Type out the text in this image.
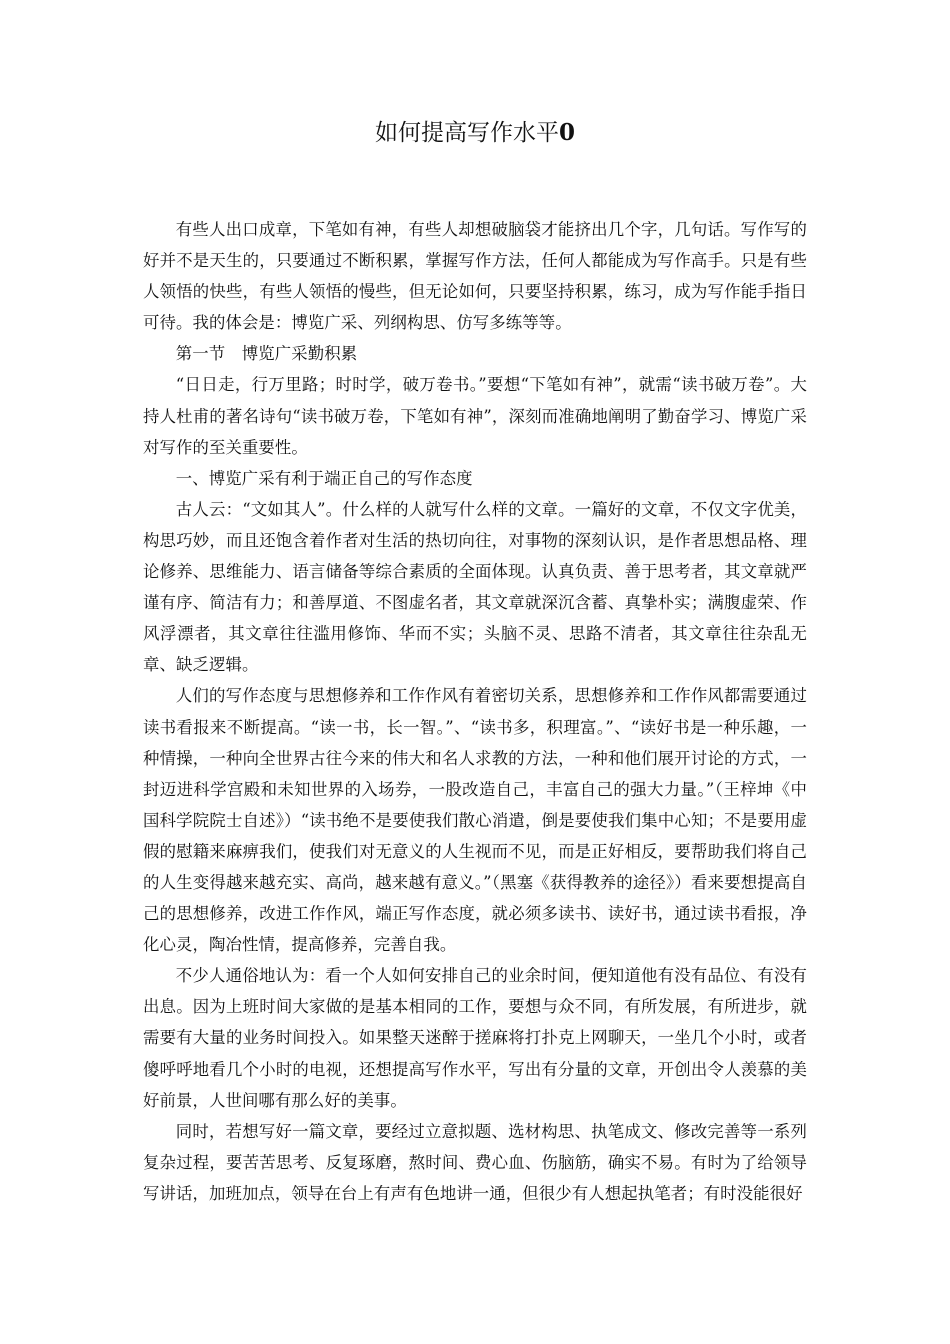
如何提高写作水平0

有些人出口成章，下笔如有神，有些人却想破脑袋才能挤出几个字，几句话。写作写的好并不是天生的，只要通过不断积累，掌握写作方法，任何人都能成为写作高手。只是有些人领悟的快些，有些人领悟的慢些，但无论如何，只要坚持积累，练习，成为写作能手指日可待。我的体会是：博览广采、列纲构思、仿写多练等等。

第一节　博览广采勤积累

“日日走，行万里路；时时学，破万卷书。”要想“下笔如有神”，就需“读书破万卷”。大持人杜甫的著名诗句“读书破万卷，下笔如有神”，深刻而准确地阐明了勤奋学习、博览广采对写作的至关重要性。

一、博览广采有利于端正自己的写作态度

古人云：“文如其人”。什么样的人就写什么样的文章。一篇好的文章，不仅文字优美，构思巧妙，而且还饱含着作者对生活的热切向往，对事物的深刻认识，是作者思想品格、理论修养、思维能力、语言储备等综合素质的全面体现。认真负责、善于思考者，其文章就严谨有序、简洁有力；和善厚道、不图虚名者，其文章就深沉含蓄、真挚朴实；满腹虚荣、作风浮漂者，其文章往往滥用修饰、华而不实；头脑不灵、思路不清者，其文章往往杂乱无章、缺乏逻辑。

人们的写作态度与思想修养和工作作风有着密切关系，思想修养和工作作风都需要通过读书看报来不断提高。“读一书，长一智。”、“读书多，积理富。”、“读好书是一种乐趣，一种情操，一种向全世界古往今来的伟大和名人求教的方法，一种和他们展开讨论的方式，一封迈进科学宫殿和未知世界的入场券，一股改造自己，丰富自己的强大力量。”（王梓坤《中国科学院院士自述》）“读书绝不是要使我们散心消遣，倒是要使我们集中心知；不是要用虚假的慰籍来麻痹我们，使我们对无意义的人生视而不见，而是正好相反，要帮助我们将自己的人生变得越来越充实、高尚，越来越有意义。”（黑塞《获得教养的途径》）看来要想提高自己的思想修养，改进工作作风，端正写作态度，就必须多读书、读好书，通过读书看报，净化心灵，陶冶性情，提高修养，完善自我。

不少人通俗地认为：看一个人如何安排自己的业余时间，便知道他有没有品位、有没有出息。因为上班时间大家做的是基本相同的工作，要想与众不同，有所发展，有所进步，就需要有大量的业务时间投入。如果整天迷醉于搓麻将打扑克上网聊天，一坐几个小时，或者傻呼呼地看几个小时的电视，还想提高写作水平，写出有分量的文章，开创出令人羡慕的美好前景，人世间哪有那么好的美事。

同时，若想写好一篇文章，要经过立意拟题、选材构思、执笔成文、修改完善等一系列复杂过程，要苦苦思考、反复琢磨，熬时间、费心血、伤脑筋，确实不易。有时为了给领导写讲话，加班加点，领导在台上有声有色地讲一通，但很少有人想起执笔者；有时没能很好
